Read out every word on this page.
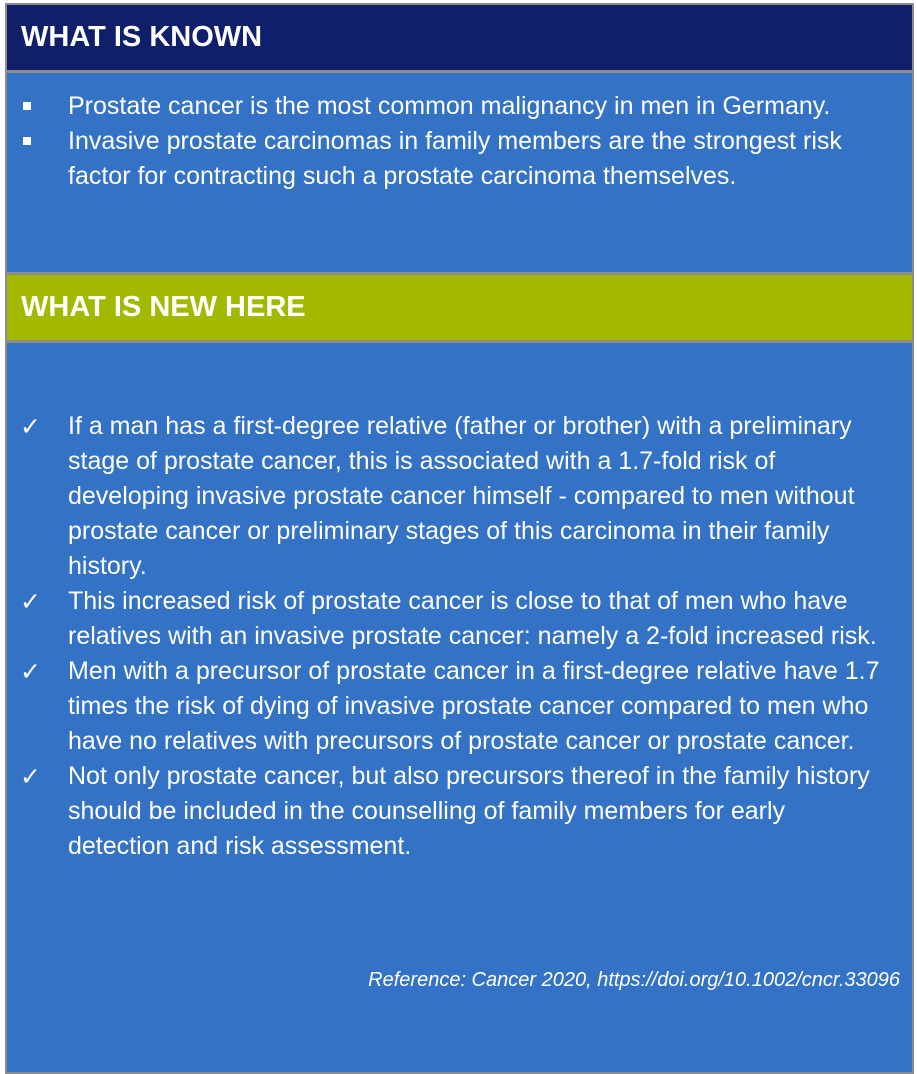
WHAT IS KNOWN
Prostate cancer is the most common malignancy in men in Germany.
Invasive prostate carcinomas in family members are the strongest risk factor for contracting such a prostate carcinoma themselves.
WHAT IS NEW HERE
✓ If a man has a first-degree relative (father or brother) with a preliminary stage of prostate cancer, this is associated with a 1.7-fold risk of developing invasive prostate cancer himself - compared to men without prostate cancer or preliminary stages of this carcinoma in their family history.
✓ This increased risk of prostate cancer is close to that of men who have relatives with an invasive prostate cancer: namely a 2-fold increased risk.
✓ Men with a precursor of prostate cancer in a first-degree relative have 1.7 times the risk of dying of invasive prostate cancer compared to men who have no relatives with precursors of prostate cancer or prostate cancer.
✓ Not only prostate cancer, but also precursors thereof in the family history should be included in the counselling of family members for early detection and risk assessment.
Reference: Cancer 2020, https://doi.org/10.1002/cncr.33096
